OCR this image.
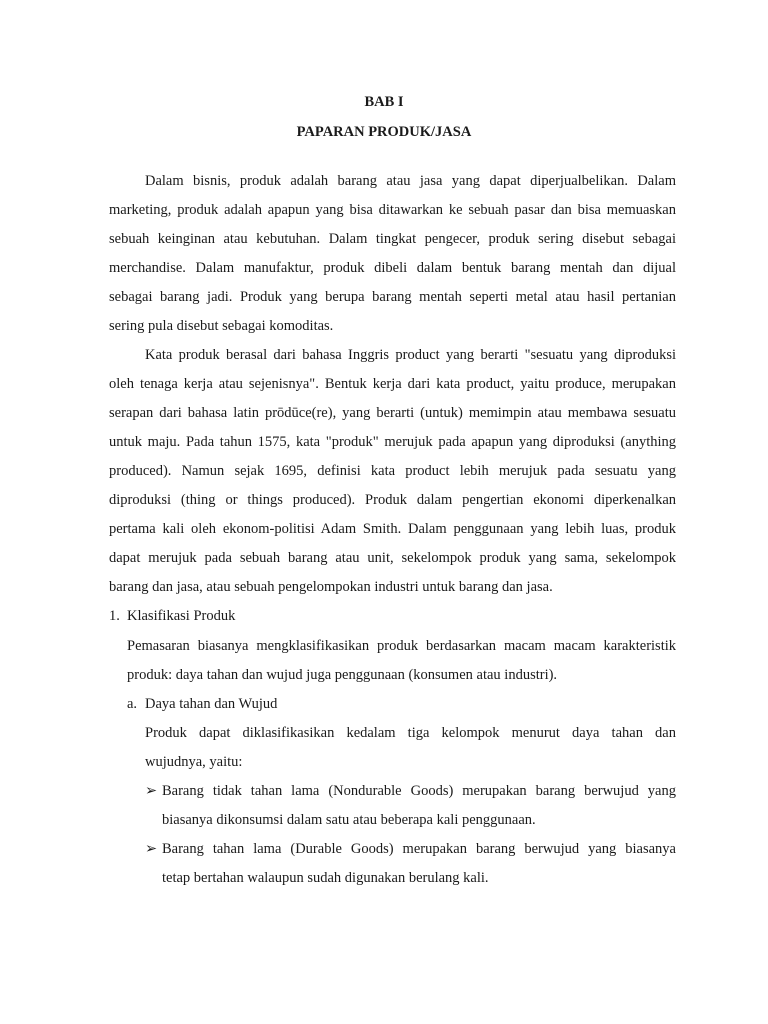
BAB I
PAPARAN PRODUK/JASA
Dalam bisnis, produk adalah barang atau jasa yang dapat diperjualbelikan. Dalam
marketing, produk adalah apapun yang bisa ditawarkan ke sebuah pasar dan bisa memuaskan
sebuah keinginan atau kebutuhan. Dalam tingkat pengecer, produk sering disebut sebagai
merchandise. Dalam manufaktur, produk dibeli dalam bentuk barang mentah dan dijual
sebagai barang jadi. Produk yang berupa barang mentah seperti metal atau hasil pertanian
sering pula disebut sebagai komoditas.
Kata produk berasal dari bahasa Inggris product yang berarti "sesuatu yang diproduksi
oleh tenaga kerja atau sejenisnya". Bentuk kerja dari kata product, yaitu produce, merupakan
serapan dari bahasa latin prōdūce(re), yang berarti (untuk) memimpin atau membawa sesuatu
untuk maju. Pada tahun 1575, kata "produk" merujuk pada apapun yang diproduksi (anything
produced). Namun sejak 1695, definisi kata product lebih merujuk pada sesuatu yang
diproduksi (thing or things produced). Produk dalam pengertian ekonomi diperkenalkan
pertama kali oleh ekonom-politisi Adam Smith. Dalam penggunaan yang lebih luas, produk
dapat merujuk pada sebuah barang atau unit, sekelompok produk yang sama, sekelompok
barang dan jasa, atau sebuah pengelompokan industri untuk barang dan jasa.
1. Klasifikasi Produk
Pemasaran biasanya mengklasifikasikan produk berdasarkan macam macam karakteristik
produk: daya tahan dan wujud juga penggunaan (konsumen atau industri).
a. Daya tahan dan Wujud
Produk dapat diklasifikasikan kedalam tiga kelompok menurut daya tahan dan
wujudnya, yaitu:
➢ Barang tidak tahan lama (Nondurable Goods) merupakan barang berwujud yang
biasanya dikonsumsi dalam satu atau beberapa kali penggunaan.
➢ Barang tahan lama (Durable Goods) merupakan barang berwujud yang biasanya
tetap bertahan walaupun sudah digunakan berulang kali.
